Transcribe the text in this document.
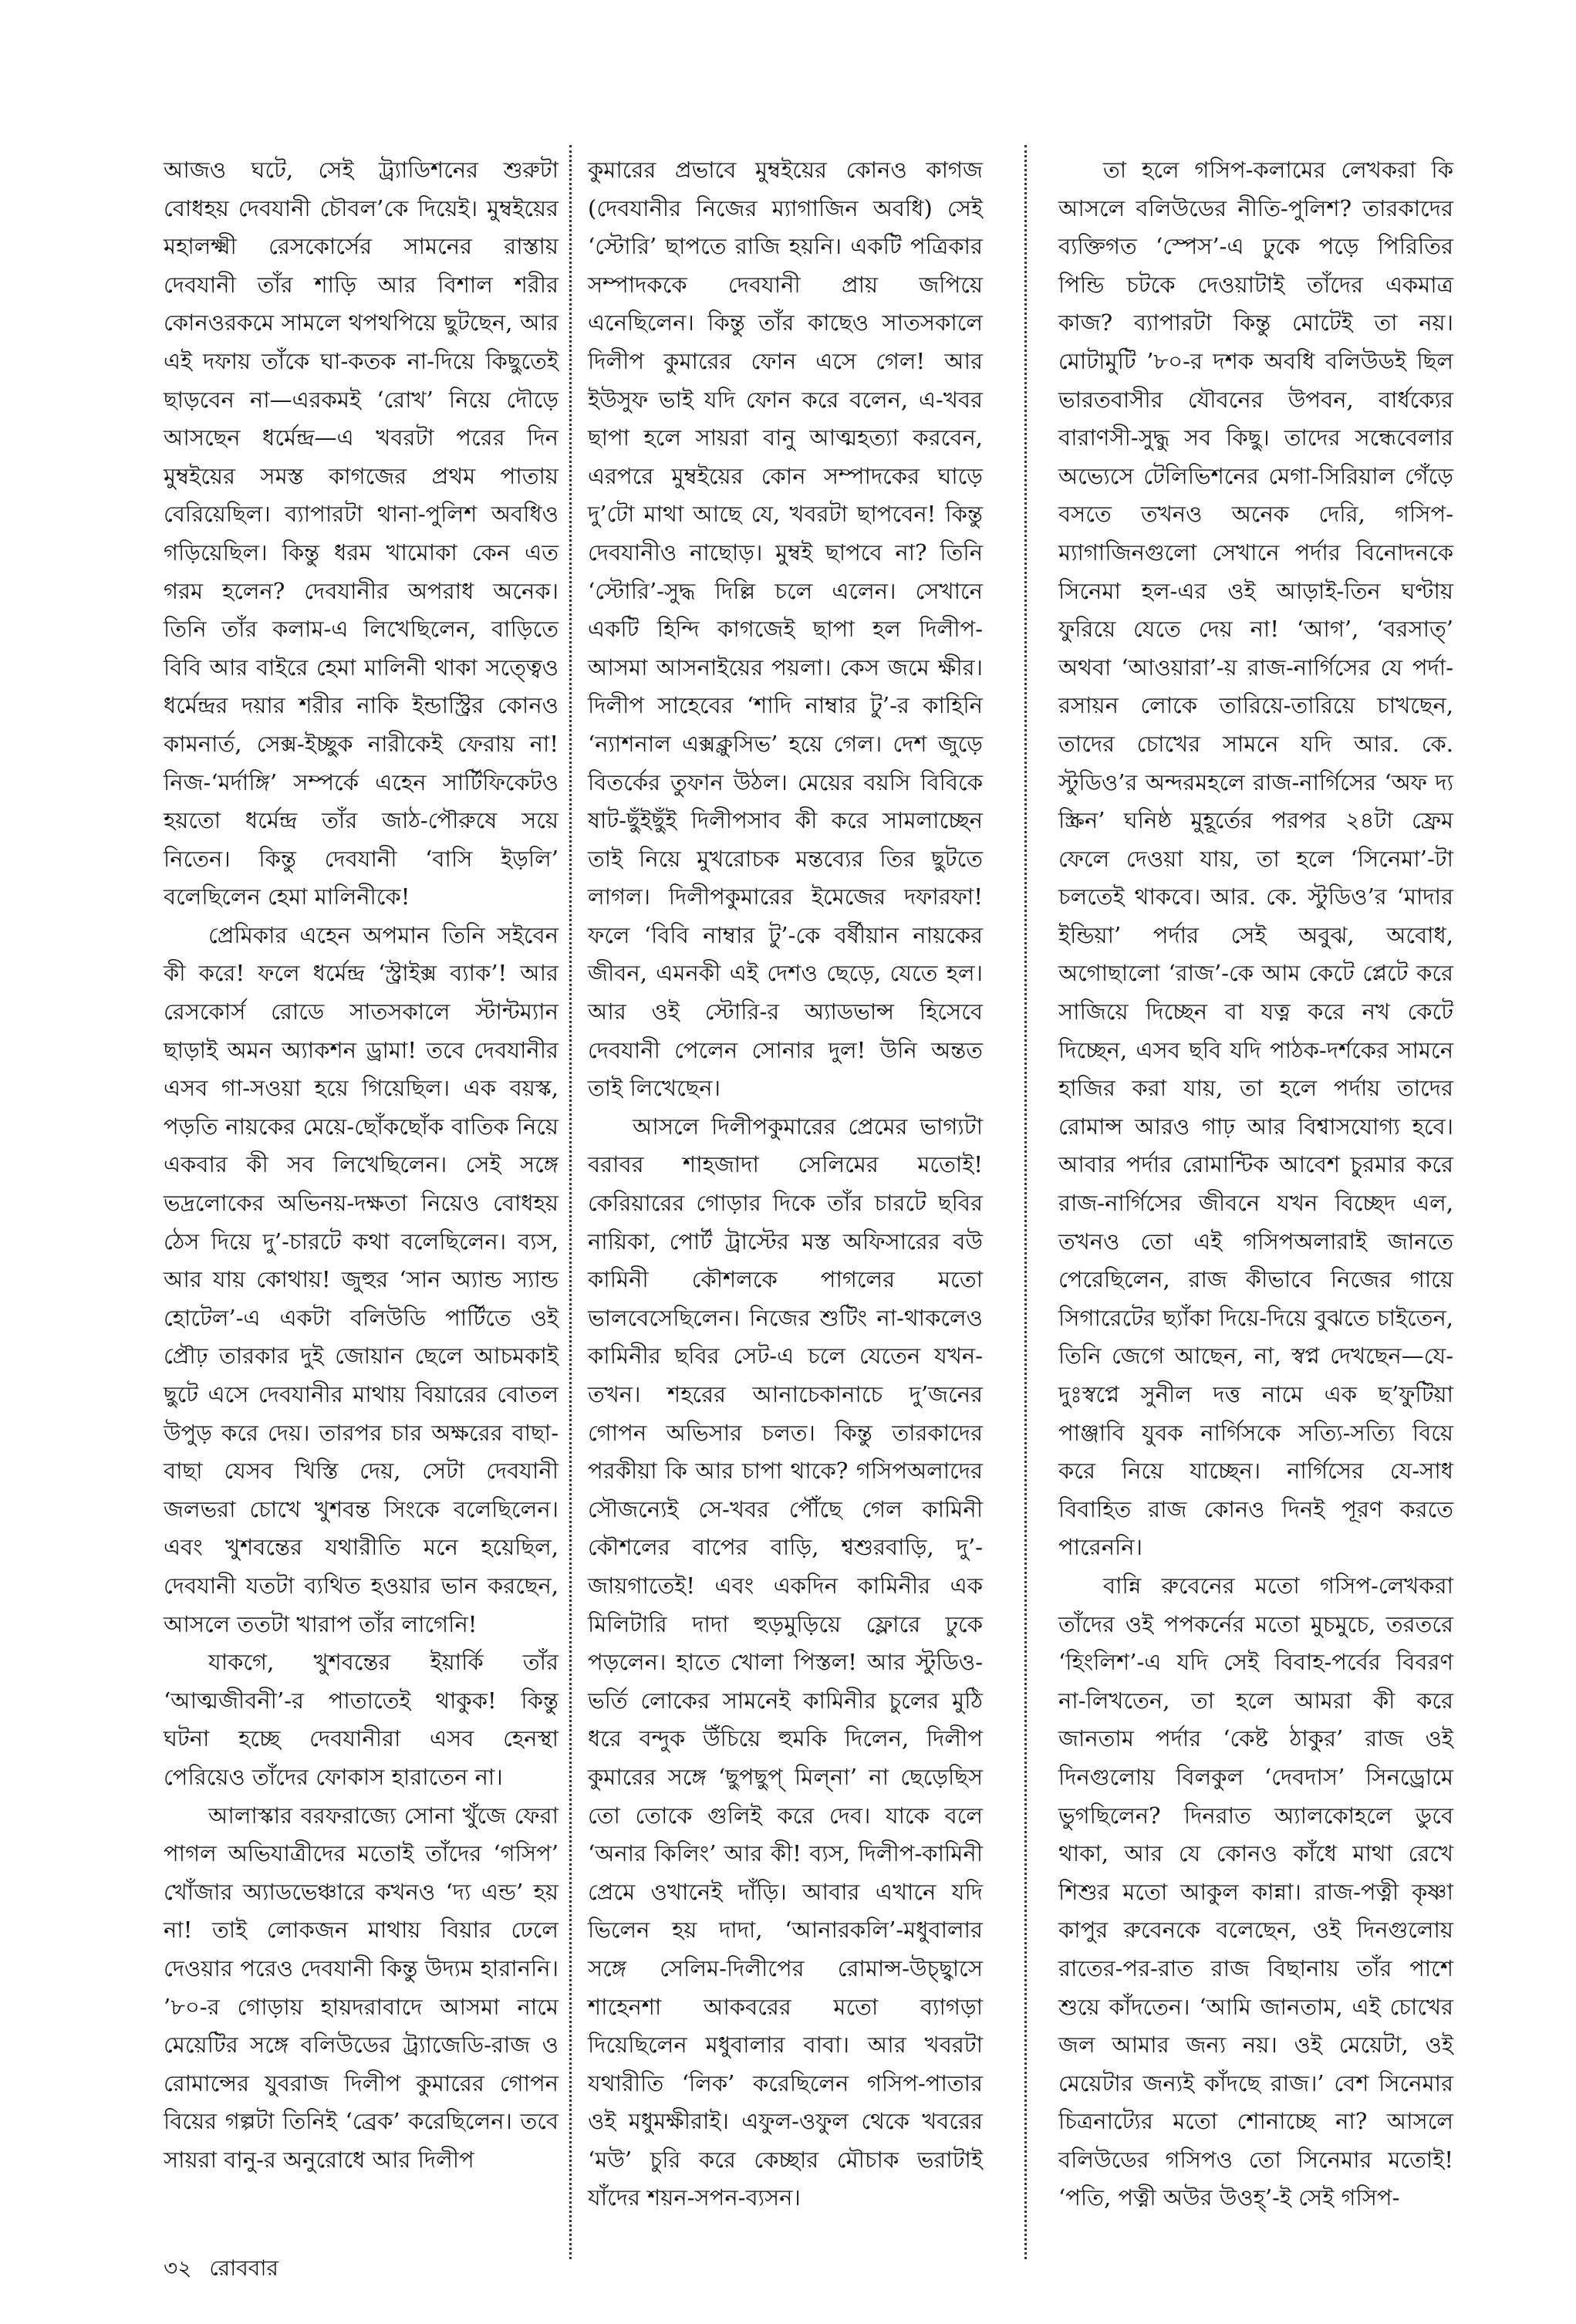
আজও ঘটে, সেই ট্র্যাডিশনের শুরুটা বোধহয় দেবযানী চৌবল’কে দিয়েই। মুম্বইয়ের মহালক্ষ্মী রেসকোর্সের সামনের রাস্তায় দেবযানী তাঁর শাড়ি আর বিশাল শরীর কোনওরকমে সামলে থপথপিয়ে ছুটছেন, আর এই দফায় তাঁকে ঘা-কতক না-দিয়ে কিছুতেই ছাড়বেন না—এরকমই ‘রোখ’ নিয়ে দৌড়ে আসছেন ধর্মেন্দ্র—এ খবরটা পরের দিন মুম্বইয়ের সমস্ত কাগজের প্রথম পাতায় বেরিয়েছিল। ব্যাপারটা থানা-পুলিশ অবধিও গড়িয়েছিল। কিন্তু ধরম খামোকা কেন এত গরম হলেন? দেবযানীর অপরাধ অনেক। তিনি তাঁর কলাম-এ লিখেছিলেন, বাড়িতে বিবি আর বাইরে হেমা মালিনী থাকা সত্ত্বেও ধর্মেন্দ্রর দয়ার শরীর নাকি ইন্ডাস্ট্রির কোনও কামনার্ত, সেক্স-ইচ্ছুক নারীকেই ফেরায় না! নিজ-‘মর্দাঙ্গি’ সম্পর্কে এহেন সার্টিফিকেটও হয়তো ধর্মেন্দ্র তাঁর জাঠ-পৌরুষে সয়ে নিতেন। কিন্তু দেবযানী ‘বাসি ইড়লি’ বলেছিলেন হেমা মালিনীকে!

প্রেমিকার এহেন অপমান তিনি সইবেন কী করে! ফলে ধর্মেন্দ্র ‘স্ট্রাইক্স ব্যাক’! আর রেসকোর্স রোডে সাতসকালে স্টান্টম্যান ছাড়াই অমন অ্যাকশন ড্রামা! তবে দেবযানীর এসব গা-সওয়া হয়ে গিয়েছিল। এক বয়স্ক, পড়তি নায়কের মেয়ে-ছোঁকছোঁক বাতিক নিয়ে একবার কী সব লিখেছিলেন। সেই সঙ্গে ভদ্রলোকের অভিনয়-দক্ষতা নিয়েও বোধহয় ঠেস দিয়ে দু’-চারটে কথা বলেছিলেন। ব্যস, আর যায় কোথায়! জুহুর ‘সান অ্যান্ড স্যান্ড হোটেল’-এ একটা বলিউডি পার্টিতে ওই প্রৌঢ় তারকার দুই জোয়ান ছেলে আচমকাই ছুটে এসে দেবযানীর মাথায় বিয়ারের বোতল উপুড় করে দেয়। তারপর চার অক্ষরের বাছা-বাছা যেসব খিস্তি দেয়, সেটা দেবযানী জলভরা চোখে খুশবন্ত সিংকে বলেছিলেন। এবং খুশবন্তের যথারীতি মনে হয়েছিল, দেবযানী যতটা ব্যথিত হওয়ার ভান করছেন, আসলে ততটা খারাপ তাঁর লাগেনি!

যাকগে, খুশবন্তের ইয়ার্কি তাঁর ‘আত্মজীবনী’-র পাতাতেই থাকুক! কিন্তু ঘটনা হচ্ছে দেবযানীরা এসব হেনস্থা পেরিয়েও তাঁদের ফোকাস হারাতেন না।

আলাস্কার বরফরাজ্যে সোনা খুঁজে ফেরা পাগল অভিযাত্রীদের মতোই তাঁদের ‘গসিপ’ খোঁজার অ্যাডভেঞ্চারে কখনও ‘দ্য এন্ড’ হয় না! তাই লোকজন মাথায় বিয়ার ঢেলে দেওয়ার পরেও দেবযানী কিন্তু উদ্যম হারাননি। ’৮০-র গোড়ায় হায়দরাবাদে আসমা নামে মেয়েটির সঙ্গে বলিউডের ট্র্যাজেডি-রাজ ও রোমান্সের যুবরাজ দিলীপ কুমারের গোপন বিয়ের গল্পটা তিনিই ‘ব্রেক’ করেছিলেন। তবে সায়রা বানু-র অনুরোধে আর দিলীপ

কুমারের প্রভাবে মুম্বইয়ের কোনও কাগজ (দেবযানীর নিজের ম্যাগাজিন অবধি) সেই ‘স্টোরি’ ছাপতে রাজি হয়নি। একটি পত্রিকার সম্পাদককে দেবযানী প্রায় জপিয়ে এনেছিলেন। কিন্তু তাঁর কাছেও সাতসকালে দিলীপ কুমারের ফোন এসে গেল! আর ইউসুফ ভাই যদি ফোন করে বলেন, এ-খবর ছাপা হলে সায়রা বানু আত্মহত্যা করবেন, এরপরে মুম্বইয়ের কোন সম্পাদকের ঘাড়ে দু’টো মাথা আছে যে, খবরটা ছাপবেন! কিন্তু দেবযানীও নাছোড়। মুম্বই ছাপবে না? তিনি ‘স্টোরি’-সুদ্ধ দিল্লি চলে এলেন। সেখানে একটি হিন্দি কাগজেই ছাপা হল দিলীপ-আসমা আসনাইয়ের পয়লা। কেস জমে ক্ষীর। দিলীপ সাহেবের ‘শাদি নাম্বার টু’-র কাহিনি ‘ন্যাশনাল এক্সক্লুসিভ’ হয়ে গেল। দেশ জুড়ে বিতর্কের তুফান উঠল। মেয়ের বয়সি বিবিকে ষাট-ছুঁইছুঁই দিলীপসাব কী করে সামলাচ্ছেন তাই নিয়ে মুখরোচক মন্তব্যের তির ছুটতে লাগল। দিলীপকুমারের ইমেজের দফারফা! ফলে ‘বিবি নাম্বার টু’-কে বর্ষীয়ান নায়কের জীবন, এমনকী এই দেশও ছেড়ে, যেতে হল। আর ওই স্টোরি-র অ্যাডভান্স হিসেবে দেবযানী পেলেন সোনার দুল! উনি অন্তত তাই লিখেছেন।

আসলে দিলীপকুমারের প্রেমের ভাগ্যটা বরাবর শাহজাদা সেলিমের মতোই! কেরিয়ারের গোড়ার দিকে তাঁর চারটে ছবির নায়িকা, পোর্ট ট্রাস্টের মস্ত অফিসারের বউ কামিনী কৌশলকে পাগলের মতো ভালবেসেছিলেন। নিজের শুটিং না-থাকলেও কামিনীর ছবির সেট-এ চলে যেতেন যখন-তখন। শহরের আনাচেকানাচে দু’জনের গোপন অভিসার চলত। কিন্তু তারকাদের পরকীয়া কি আর চাপা থাকে? গসিপঅলাদের সৌজন্যেই সে-খবর পৌঁছে গেল কামিনী কৌশলের বাপের বাড়ি, শ্বশুরবাড়ি, দু’-জায়গাতেই! এবং একদিন কামিনীর এক মিলিটারি দাদা হুড়মুড়িয়ে ফ্লোরে ঢুকে পড়লেন। হাতে খোলা পিস্তল! আর স্টুডিও-ভর্তি লোকের সামনেই কামিনীর চুলের মুঠি ধরে বন্দুক উঁচিয়ে হুমকি দিলেন, দিলীপ কুমারের সঙ্গে ‘ছুপছুপ্‌ মিল্‌না’ না ছেড়েছিস তো তোকে গুলিই করে দেব। যাকে বলে ‘অনার কিলিং’ আর কী! ব্যস, দিলীপ-কামিনী প্রেমে ওখানেই দাঁড়ি। আবার এখানে যদি ভিলেন হয় দাদা, ‘আনারকলি’-মধুবালার সঙ্গে সেলিম-দিলীপের রোমান্স-উচ্ছ্বাসে শাহেনশা আকবরের মতো ব্যাগড়া দিয়েছিলেন মধুবালার বাবা। আর খবরটা যথারীতি ‘লিক’ করেছিলেন গসিপ-পাতার ওই মধুমক্ষীরাই। এফুল-ওফুল থেকে খবরের ‘মউ’ চুরি করে কেচ্ছার মৌচাক ভরাটাই যাঁদের শয়ন-সপন-ব্যসন।

তা হলে গসিপ-কলামের লেখকরা কি আসলে বলিউডের নীতি-পুলিশ? তারকাদের ব্যক্তিগত ‘স্পেস’-এ ঢুকে পড়ে পিরিতির পিন্ডি চটকে দেওয়াটাই তাঁদের একমাত্র কাজ? ব্যাপারটা কিন্তু মোটেই তা নয়। মোটামুটি ’৮০-র দশক অবধি বলিউডই ছিল ভারতবাসীর যৌবনের উপবন, বার্ধক্যের বারাণসী-সুদ্ধু সব কিছু। তাদের সন্ধেবেলার অভ্যেসে টেলিভিশনের মেগা-সিরিয়াল গেঁড়ে বসতে তখনও অনেক দেরি, গসিপ-ম্যাগাজিনগুলো সেখানে পর্দার বিনোদনকে সিনেমা হল-এর ওই আড়াই-তিন ঘণ্টায় ফুরিয়ে যেতে দেয় না! ‘আগ’, ‘বরসাত্‌’ অথবা ‘আওয়ারা’-য় রাজ-নার্গিসের যে পর্দা-রসায়ন লোকে তারিয়ে-তারিয়ে চাখছেন, তাদের চোখের সামনে যদি আর. কে. স্টুডিও’র অন্দরমহলে রাজ-নার্গিসের ‘অফ দ্য স্ক্রিন’ ঘনিষ্ঠ মুহূর্তের পরপর ২৪টা ফ্রেম ফেলে দেওয়া যায়, তা হলে ‘সিনেমা’-টা চলতেই থাকবে। আর. কে. স্টুডিও’র ‘মাদার ইন্ডিয়া’ পর্দার সেই অবুঝ, অবোধ, অগোছালো ‘রাজ’-কে আম কেটে প্লেটে করে সাজিয়ে দিচ্ছেন বা যত্ন করে নখ কেটে দিচ্ছেন, এসব ছবি যদি পাঠক-দর্শকের সামনে হাজির করা যায়, তা হলে পর্দায় তাদের রোমান্স আরও গাঢ় আর বিশ্বাসযোগ্য হবে। আবার পর্দার রোমান্টিক আবেশ চুরমার করে রাজ-নার্গিসের জীবনে যখন বিচ্ছেদ এল, তখনও তো এই গসিপঅলারাই জানতে পেরেছিলেন, রাজ কীভাবে নিজের গায়ে সিগারেটের ছ্যাঁকা দিয়ে-দিয়ে বুঝতে চাইতেন, তিনি জেগে আছেন, না, স্বপ্ন দেখছেন—যে-দুঃস্বপ্নে সুনীল দত্ত নামে এক ছ’ফুটিয়া পাঞ্জাবি যুবক নার্গিসকে সত্যি-সত্যি বিয়ে করে নিয়ে যাচ্ছেন। নার্গিসের যে-সাধ বিবাহিত রাজ কোনও দিনই পূরণ করতে পারেননি।

বান্নি রুবেনের মতো গসিপ-লেখকরা তাঁদের ওই পপকর্নের মতো মুচমুচে, তরতরে ‘হিংলিশ’-এ যদি সেই বিবাহ-পর্বের বিবরণ না-লিখতেন, তা হলে আমরা কী করে জানতাম পর্দার ‘কেষ্ট ঠাকুর’ রাজ ওই দিনগুলোয় বিলকুল ‘দেবদাস’ সিনড্রোমে ভুগছিলেন? দিনরাত অ্যালকোহলে ডুবে থাকা, আর যে কোনও কাঁধে মাথা রেখে শিশুর মতো আকুল কান্না। রাজ-পত্নী কৃষ্ণা কাপুর রুবেনকে বলেছেন, ওই দিনগুলোয় রাতের-পর-রাত রাজ বিছানায় তাঁর পাশে শুয়ে কাঁদতেন। ‘আমি জানতাম, এই চোখের জল আমার জন্য নয়। ওই মেয়েটা, ওই মেয়েটার জন্যই কাঁদছে রাজ।’ বেশ সিনেমার চিত্রনাট্যের মতো শোনাচ্ছে না? আসলে বলিউডের গসিপও তো সিনেমার মতোই! ‘পতি, পত্নী অউর উওহ্’-ই সেই গসিপ-

৩২ রোববার
